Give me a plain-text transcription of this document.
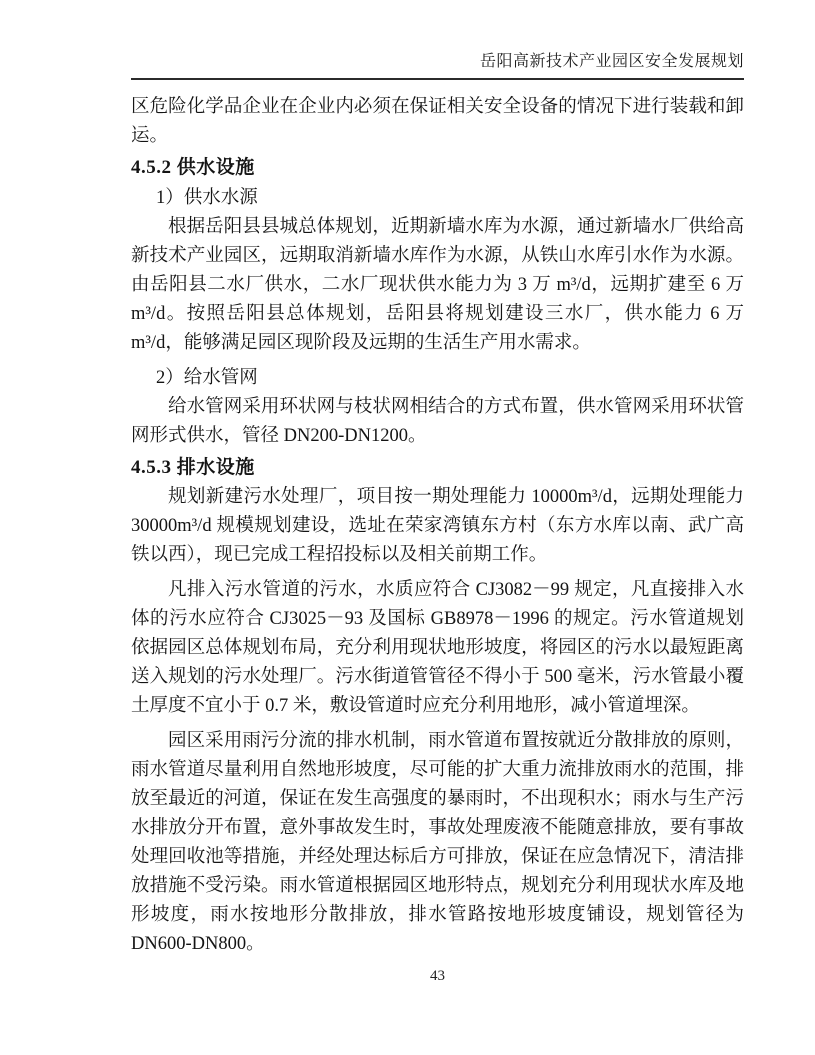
岳阳高新技术产业园区安全发展规划

区危险化学品企业在企业内必须在保证相关安全设备的情况下进行装载和卸运。

4.5.2 供水设施

1）供水水源

根据岳阳县县城总体规划，近期新墙水库为水源，通过新墙水厂供给高新技术产业园区，远期取消新墙水库作为水源，从铁山水库引水作为水源。由岳阳县二水厂供水，二水厂现状供水能力为 3 万 m³/d，远期扩建至 6 万 m³/d。按照岳阳县总体规划，岳阳县将规划建设三水厂，供水能力 6 万 m³/d，能够满足园区现阶段及远期的生活生产用水需求。

2）给水管网

给水管网采用环状网与枝状网相结合的方式布置，供水管网采用环状管网形式供水，管径 DN200-DN1200。

4.5.3 排水设施

规划新建污水处理厂，项目按一期处理能力 10000m³/d，远期处理能力 30000m³/d 规模规划建设，选址在荣家湾镇东方村（东方水库以南、武广高铁以西），现已完成工程招投标以及相关前期工作。

凡排入污水管道的污水，水质应符合 CJ3082－99 规定，凡直接排入水体的污水应符合 CJ3025－93 及国标 GB8978－1996 的规定。污水管道规划依据园区总体规划布局，充分利用现状地形坡度，将园区的污水以最短距离送入规划的污水处理厂。污水街道管管径不得小于 500 毫米，污水管最小覆土厚度不宜小于 0.7 米，敷设管道时应充分利用地形，减小管道埋深。

园区采用雨污分流的排水机制，雨水管道布置按就近分散排放的原则，雨水管道尽量利用自然地形坡度，尽可能的扩大重力流排放雨水的范围，排放至最近的河道，保证在发生高强度的暴雨时，不出现积水；雨水与生产污水排放分开布置，意外事故发生时，事故处理废液不能随意排放，要有事故处理回收池等措施，并经处理达标后方可排放，保证在应急情况下，清洁排放措施不受污染。雨水管道根据园区地形特点，规划充分利用现状水库及地形坡度，雨水按地形分散排放，排水管路按地形坡度铺设，规划管径为 DN600-DN800。

43
